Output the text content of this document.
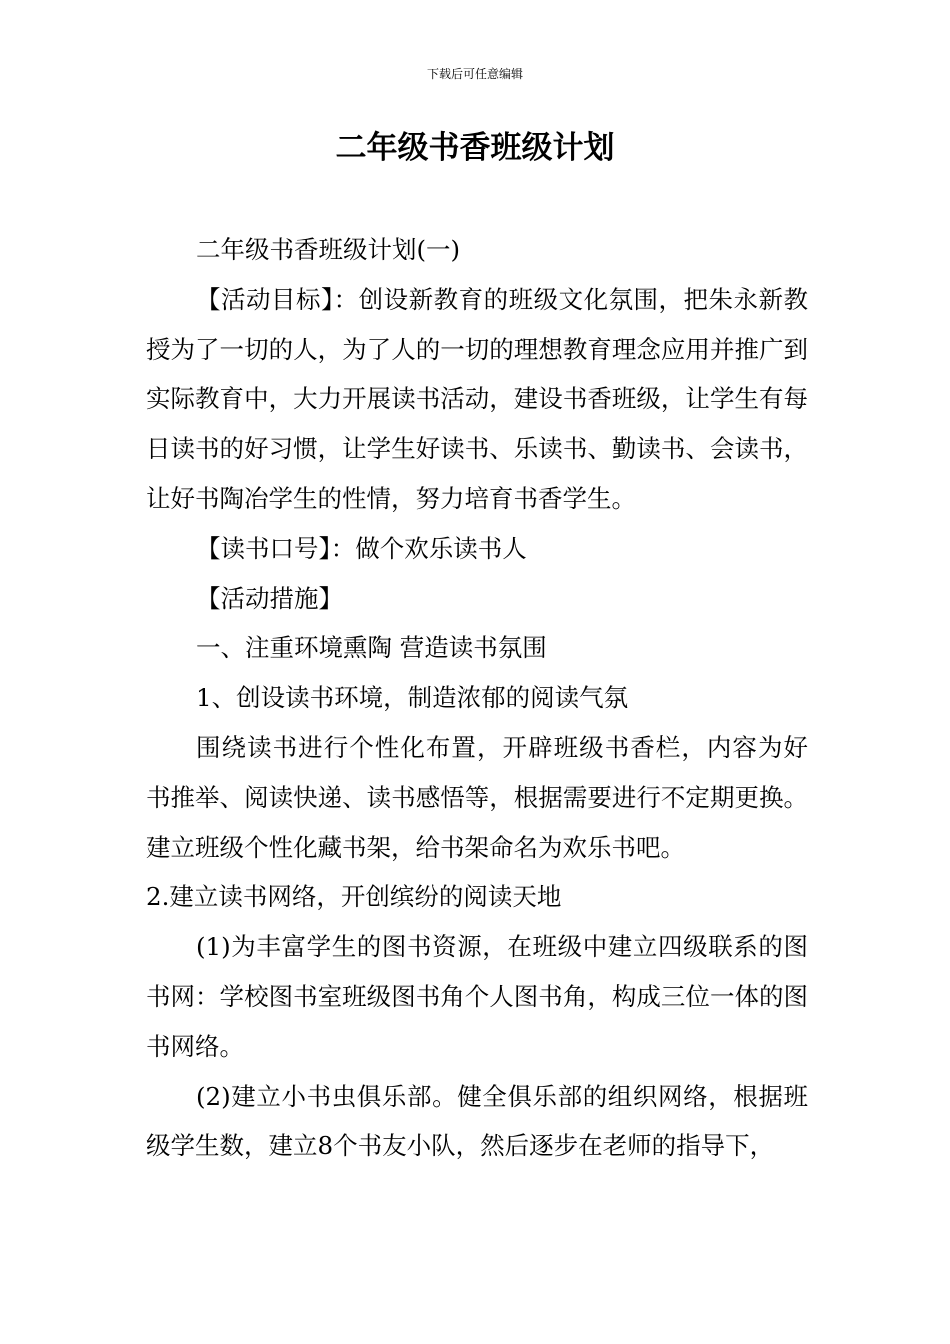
下载后可任意编辑
二年级书香班级计划

二年级书香班级计划(一)

【活动目标】：创设新教育的班级文化氛围，把朱永新教授为了一切的人，为了人的一切的理想教育理念应用并推广到实际教育中，大力开展读书活动，建设书香班级，让学生有每日读书的好习惯，让学生好读书、乐读书、勤读书、会读书，让好书陶冶学生的性情，努力培育书香学生。

【读书口号】：做个欢乐读书人

【活动措施】

一、注重环境熏陶 营造读书氛围

1、创设读书环境，制造浓郁的阅读气氛

围绕读书进行个性化布置，开辟班级书香栏，内容为好书推举、阅读快递、读书感悟等，根据需要进行不定期更换。建立班级个性化藏书架，给书架命名为欢乐书吧。

2.建立读书网络，开创缤纷的阅读天地

(1)为丰富学生的图书资源，在班级中建立四级联系的图书网：学校图书室班级图书角个人图书角，构成三位一体的图书网络。

(2)建立小书虫俱乐部。健全俱乐部的组织网络，根据班级学生数，建立8个书友小队，然后逐步在老师的指导下，
